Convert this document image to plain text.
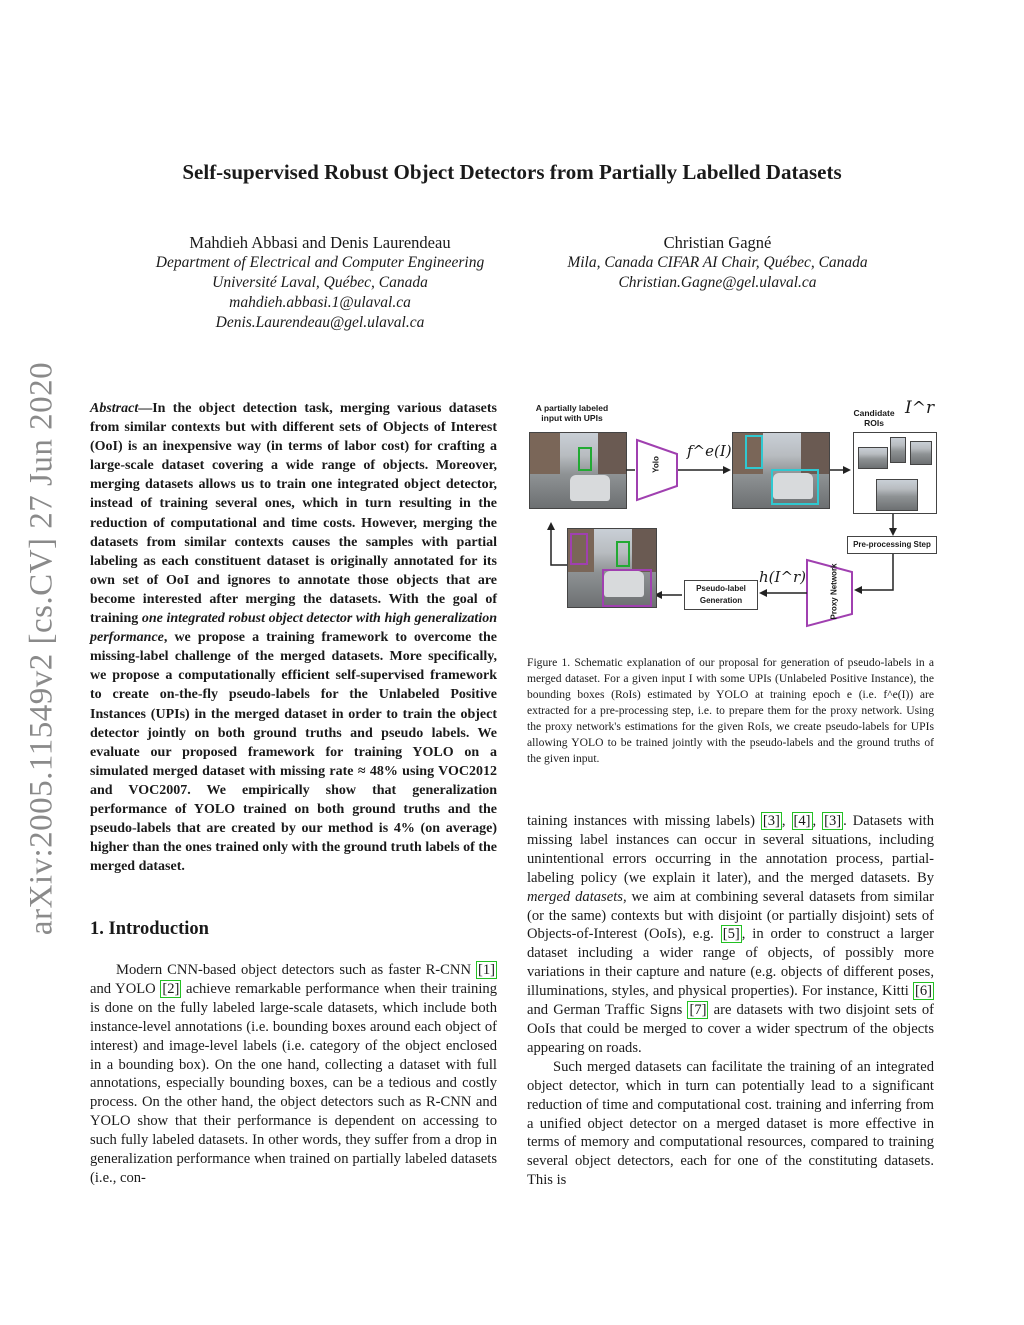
Self-supervised Robust Object Detectors from Partially Labelled Datasets
Mahdieh Abbasi and Denis Laurendeau
Department of Electrical and Computer Engineering
Université Laval, Québec, Canada
mahdieh.abbasi.1@ulaval.ca
Denis.Laurendeau@gel.ulaval.ca
Christian Gagné
Mila, Canada CIFAR AI Chair, Québec, Canada
Christian.Gagne@gel.ulaval.ca
arXiv:2005.11549v2 [cs.CV] 27 Jun 2020 Abstract—In the object detection task, merging various datasets from similar contexts but with different sets of Objects of Interest (OoI) is an inexpensive way (in terms of labor cost) for crafting a large-scale dataset covering a wide range of objects. Moreover, merging datasets allows us to train one integrated object detector, instead of training several ones, which in turn resulting in the reduction of computational and time costs. However, merging the datasets from similar contexts causes the samples with partial labeling as each constituent dataset is originally annotated for its own set of OoI and ignores to annotate those objects that are become interested after merging the datasets. With the goal of training one integrated robust object detector with high generalization performance, we propose a training framework to overcome the missing-label challenge of the merged datasets. More specifically, we propose a computationally efficient self-supervised framework to create on-the-fly pseudo-labels for the Unlabeled Positive Instances (UPIs) in the merged dataset in order to train the object detector jointly on both ground truths and pseudo labels. We evaluate our proposed framework for training YOLO on a simulated merged dataset with missing rate ≈ 48% using VOC2012 and VOC2007. We empirically show that generalization performance of YOLO trained on both ground truths and the pseudo-labels that are created by our method is 4% (on average) higher than the ones trained only with the ground truth labels of the merged dataset.
1. Introduction

Modern CNN-based object detectors such as faster R-CNN [1] and YOLO [2] achieve remarkable performance when their training is done on the fully labeled large-scale datasets, which include both instance-level annotations (i.e. bounding boxes around each object of interest) and image-level labels (i.e. category of the object enclosed in a bounding box). On the one hand, collecting a dataset with full annotations, especially bounding boxes, can be a tedious and costly process. On the other hand, the object detectors such as R-CNN and YOLO show that their performance is dependent on accessing to such fully labeled datasets. In other words, they suffer from a drop in generalization performance when trained on partially labeled datasets (i.e., con-

A partially labeled input with UPIs
Yolo
f^e(I)
Candidate ROIs
I^r
Pre-processing Step
Proxy Network
h(I^r)
Pseudo-label Generation
Figure 1. Schematic explanation of our proposal for generation of pseudo-labels in a merged dataset. For a given input I with some UPIs (Unlabeled Positive Instance), the bounding boxes (RoIs) estimated by YOLO at training epoch e (i.e. f^e(I)) are extracted for a pre-processing step, i.e. to prepare them for the proxy network. Using the proxy network's estimations for the given RoIs, we create pseudo-labels for UPIs allowing YOLO to be trained jointly with the pseudo-labels and the ground truths of the given input.

taining instances with missing labels) [3] , [4] , [3] . Datasets with missing label instances can occur in several situations, including unintentional errors occurring in the annotation process, partial-labeling policy (we explain it later), and the merged datasets. By merged datasets, we aim at combining several datasets from similar (or the same) contexts but with disjoint (or partially disjoint) sets of Objects-of-Interest (OoIs), e.g. [5] , in order to construct a larger dataset including a wider range of objects, of possibly more variations in their capture and nature (e.g. objects of different poses, illuminations, styles, and physical properties). For instance, Kitti [6] and German Traffic Signs [7] are datasets with two disjoint sets of OoIs that could be merged to cover a wider spectrum of the objects appearing on roads.

Such merged datasets can facilitate the training of an integrated object detector, which in turn can potentially lead to a significant reduction of time and computational cost. training and inferring from a unified object detector on a merged dataset is more effective in terms of memory and computational resources, compared to training several object detectors, each for one of the constituting datasets. This is
